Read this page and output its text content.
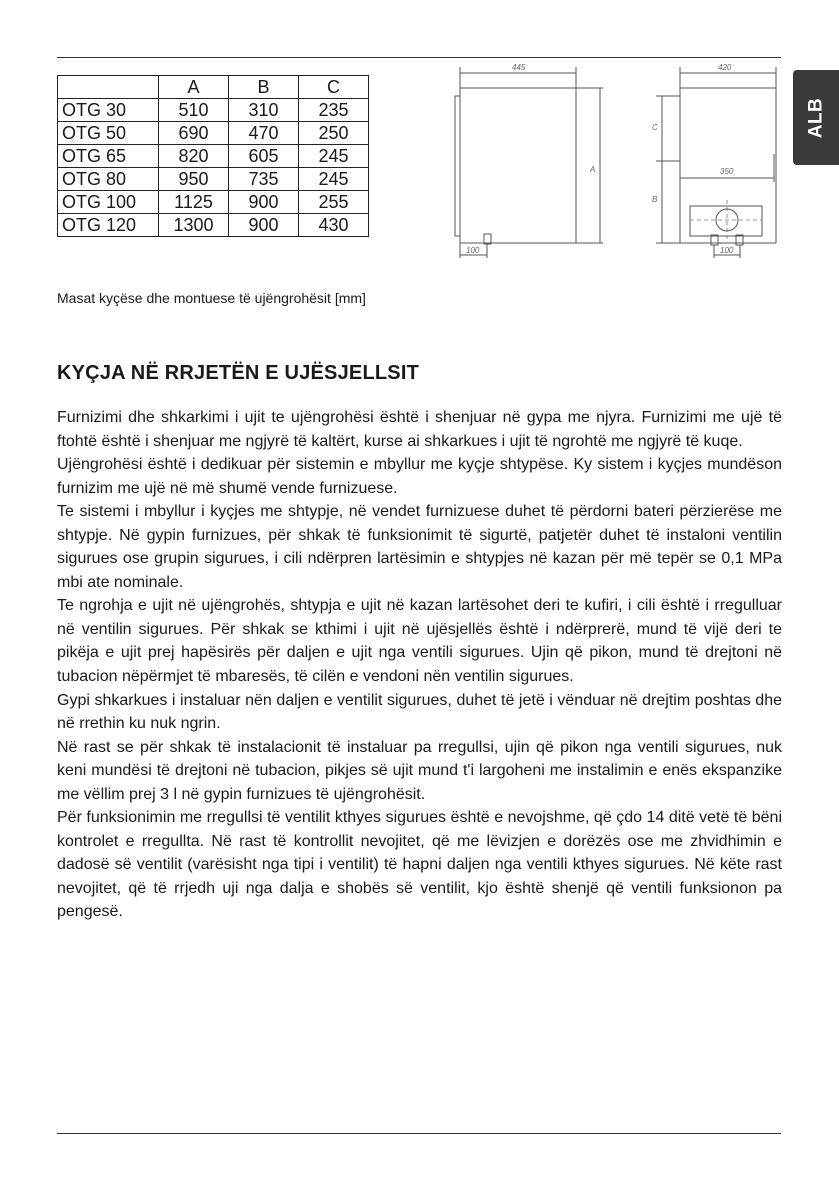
ALB
	A	B	C
OTG 30	510	310	235
OTG 50	690	470	250
OTG 65	820	605	245
OTG 80	950	735	245
OTG 100	1125	900	255
OTG 120	1300	900	430
445	420
A
C
B
350
100	100
Masat kyçëse dhe montuese të ujëngrohësit [mm]
KYÇJA NË RRJETËN E UJËSJELLSIT

Furnizimi dhe shkarkimi i ujit te ujëngrohësi është i shenjuar në gypa me njyra. Furnizimi me ujë të ftohtë është i shenjuar me ngjyrë të kaltërt, kurse ai shkarkues i ujit të ngrohtë me ngjyrë të kuqe.

Ujëngrohësi është i dedikuar për sistemin e mbyllur me kyçje shtypëse. Ky sistem i kyçjes mundëson furnizim me ujë në më shumë vende furnizuese.

Te sistemi i mbyllur i kyçjes me shtypje, në vendet furnizuese duhet të përdorni bateri përzierëse me shtypje. Në gypin furnizues, për shkak të funksionimit të sigurtë, patjetër duhet të instaloni ventilin sigurues ose grupin sigurues, i cili ndërpren lartësimin e shtypjes në kazan për më tepër se 0,1 MPa mbi ate nominale.

Te ngrohja e ujit në ujëngrohës, shtypja e ujit në kazan lartësohet deri te kufiri, i cili është i rregulluar në ventilin sigurues. Për shkak se kthimi i ujit në ujësjellës është i ndërprerë, mund të vijë deri te pikëja e ujit prej hapësirës për daljen e ujit nga ventili sigurues. Ujin që pikon, mund të drejtoni në tubacion nëpërmjet të mbaresës, të cilën e vendoni nën ventilin sigurues.

Gypi shkarkues i instaluar nën daljen e ventilit sigurues, duhet të jetë i vënduar në drejtim poshtas dhe në rrethin ku nuk ngrin.

Në rast se për shkak të instalacionit të instaluar pa rregullsi, ujin që pikon nga ventili sigurues, nuk keni mundësi të drejtoni në tubacion, pikjes së ujit mund t'i largoheni me instalimin e enës ekspanzike me vëllim prej 3 l në gypin furnizues të ujëngrohësit.

Për funksionimin me rregullsi të ventilit kthyes sigurues është e nevojshme, që çdo 14 ditë vetë të bëni kontrolet e rregullta. Në rast të kontrollit nevojitet, që me lëvizjen e dorëzës ose me zhvidhimin e dadosë së ventilit (varësisht nga tipi i ventilit) të hapni daljen nga ventili kthyes sigurues. Në këte rast nevojitet, që të rrjedh uji nga dalja e shobës së ventilit, kjo është shenjë që ventili funksionon pa pengesë.
